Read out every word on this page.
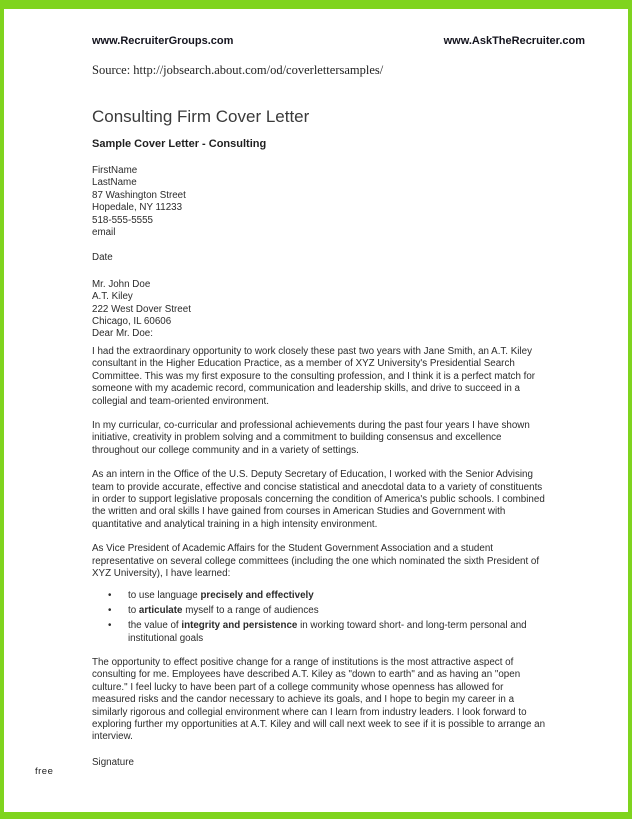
www.RecruiterGroups.com	www.AskTheRecruiter.com
Source: http://jobsearch.about.com/od/coverlettersamples/
Consulting Firm Cover Letter
Sample Cover Letter - Consulting
FirstName
LastName
87 Washington Street
Hopedale, NY 11233
518-555-5555
email
Date
Mr. John Doe
A.T. Kiley
222 West Dover Street
Chicago, IL 60606
Dear Mr. Doe:
I had the extraordinary opportunity to work closely these past two years with Jane Smith, an A.T. Kiley consultant in the Higher Education Practice, as a member of XYZ University's Presidential Search Committee. This was my first exposure to the consulting profession, and I think it is a perfect match for someone with my academic record, communication and leadership skills, and drive to succeed in a collegial and team-oriented environment.
In my curricular, co-curricular and professional achievements during the past four years I have shown initiative, creativity in problem solving and a commitment to building consensus and excellence throughout our college community and in a variety of settings.
As an intern in the Office of the U.S. Deputy Secretary of Education, I worked with the Senior Advising team to provide accurate, effective and concise statistical and anecdotal data to a variety of constituents in order to support legislative proposals concerning the condition of America's public schools. I combined the written and oral skills I have gained from courses in American Studies and Government with quantitative and analytical training in a high intensity environment.
As Vice President of Academic Affairs for the Student Government Association and a student representative on several college committees (including the one which nominated the sixth President of XYZ University), I have learned:
•	to use language precisely and effectively
•	to articulate myself to a range of audiences
•	the value of integrity and persistence in working toward short- and long-term personal and institutional goals
The opportunity to effect positive change for a range of institutions is the most attractive aspect of consulting for me. Employees have described A.T. Kiley as "down to earth" and as having an "open culture." I feel lucky to have been part of a college community whose openness has allowed for measured risks and the candor necessary to achieve its goals, and I hope to begin my career in a similarly rigorous and collegial environment where can I learn from industry leaders. I look forward to exploring further my opportunities at A.T. Kiley and will call next week to see if it is possible to arrange an interview.
Signature
free
